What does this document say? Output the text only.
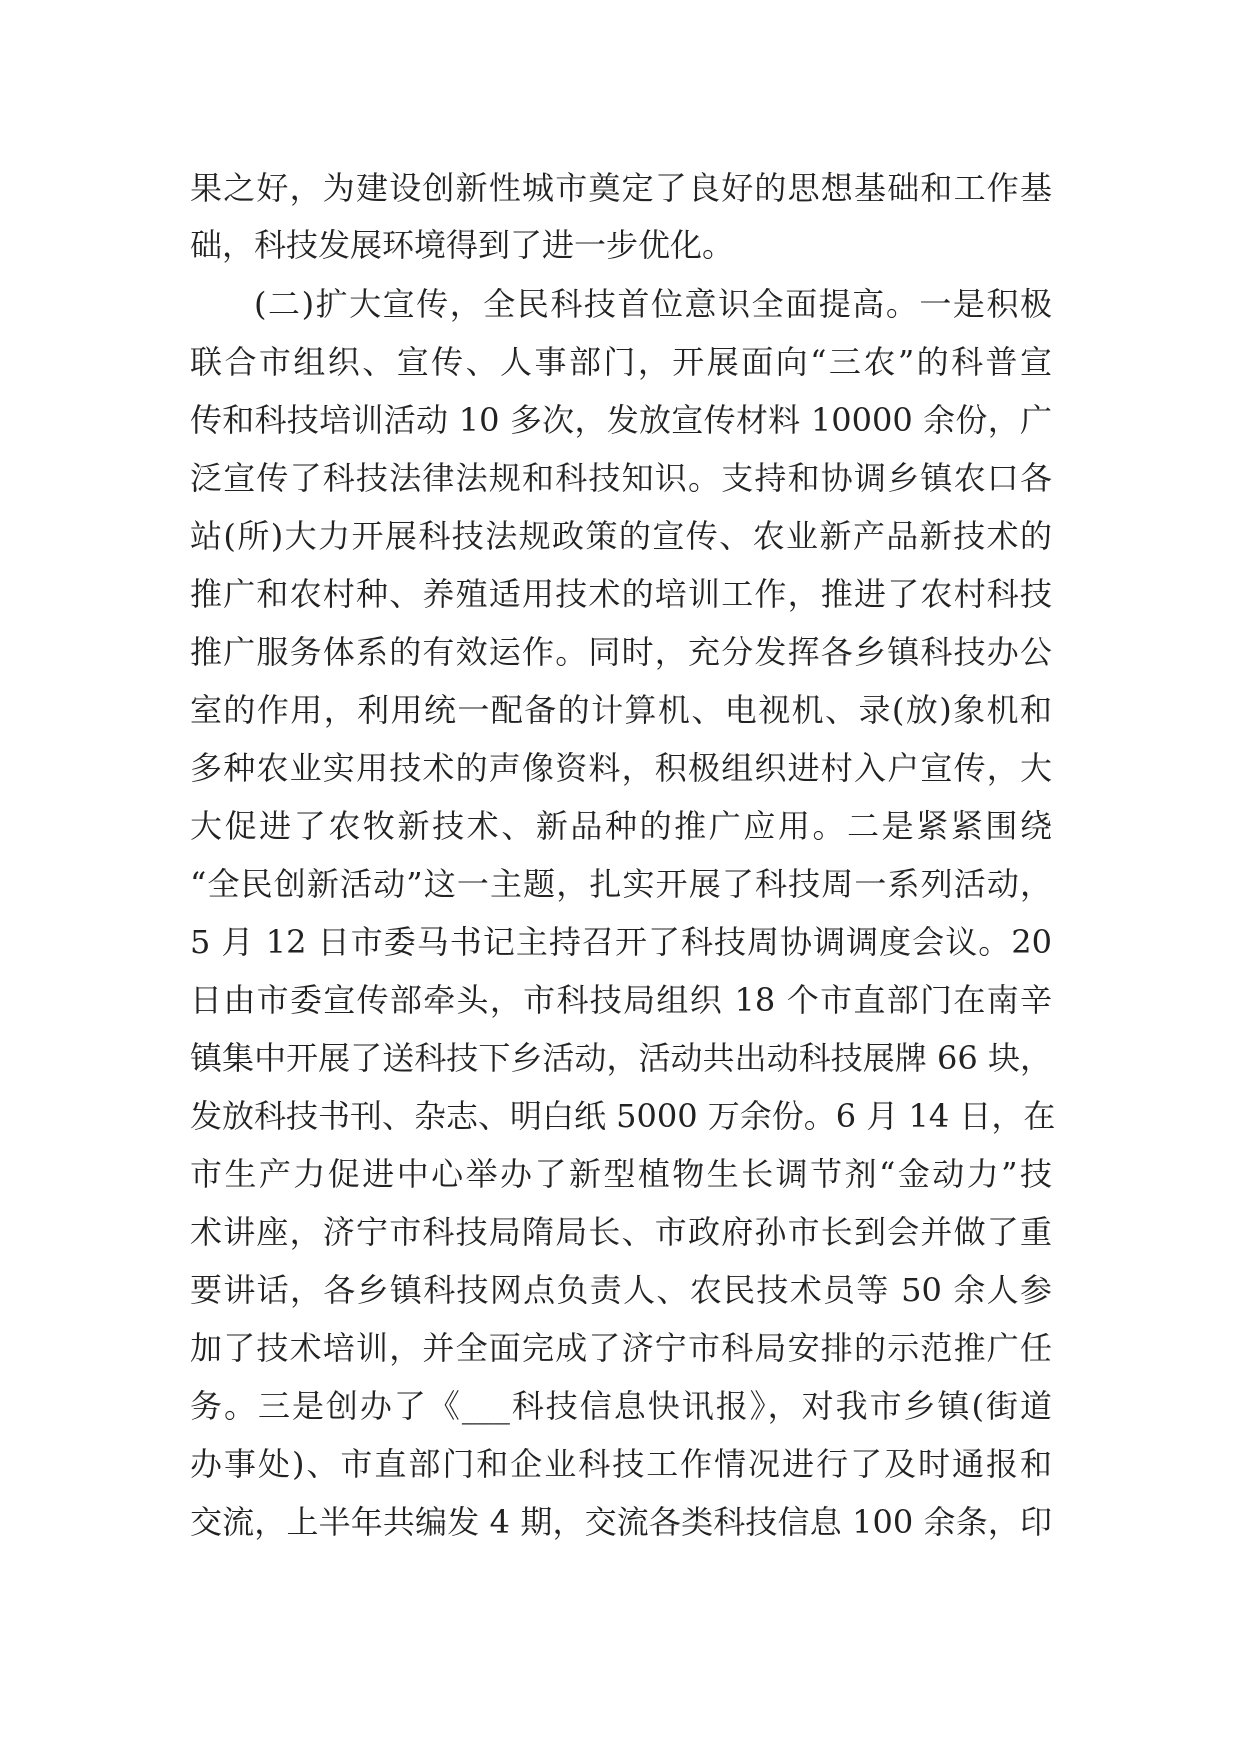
果之好，为建设创新性城市奠定了良好的思想基础和工作基
础，科技发展环境得到了进一步优化。
(二)扩大宣传，全民科技首位意识全面提高。一是积极
联合市组织、宣传、人事部门，开展面向“三农”的科普宣
传和科技培训活动 10 多次，发放宣传材料 10000 余份，广
泛宣传了科技法律法规和科技知识。支持和协调乡镇农口各
站(所)大力开展科技法规政策的宣传、农业新产品新技术的
推广和农村种、养殖适用技术的培训工作，推进了农村科技
推广服务体系的有效运作。同时，充分发挥各乡镇科技办公
室的作用，利用统一配备的计算机、电视机、录(放)象机和
多种农业实用技术的声像资料，积极组织进村入户宣传，大
大促进了农牧新技术、新品种的推广应用。二是紧紧围绕
“全民创新活动”这一主题，扎实开展了科技周一系列活动，
5 月 12 日市委马书记主持召开了科技周协调调度会议。20
日由市委宣传部牵头，市科技局组织 18 个市直部门在南辛
镇集中开展了送科技下乡活动，活动共出动科技展牌 66 块，
发放科技书刊、杂志、明白纸 5000 万余份。6 月 14 日，在
市生产力促进中心举办了新型植物生长调节剂“金动力”技
术讲座，济宁市科技局隋局长、市政府孙市长到会并做了重
要讲话，各乡镇科技网点负责人、农民技术员等 50 余人参
加了技术培训，并全面完成了济宁市科局安排的示范推广任
务。三是创办了《___科技信息快讯报》，对我市乡镇(街道
办事处)、市直部门和企业科技工作情况进行了及时通报和
交流，上半年共编发 4 期，交流各类科技信息 100 余条，印
